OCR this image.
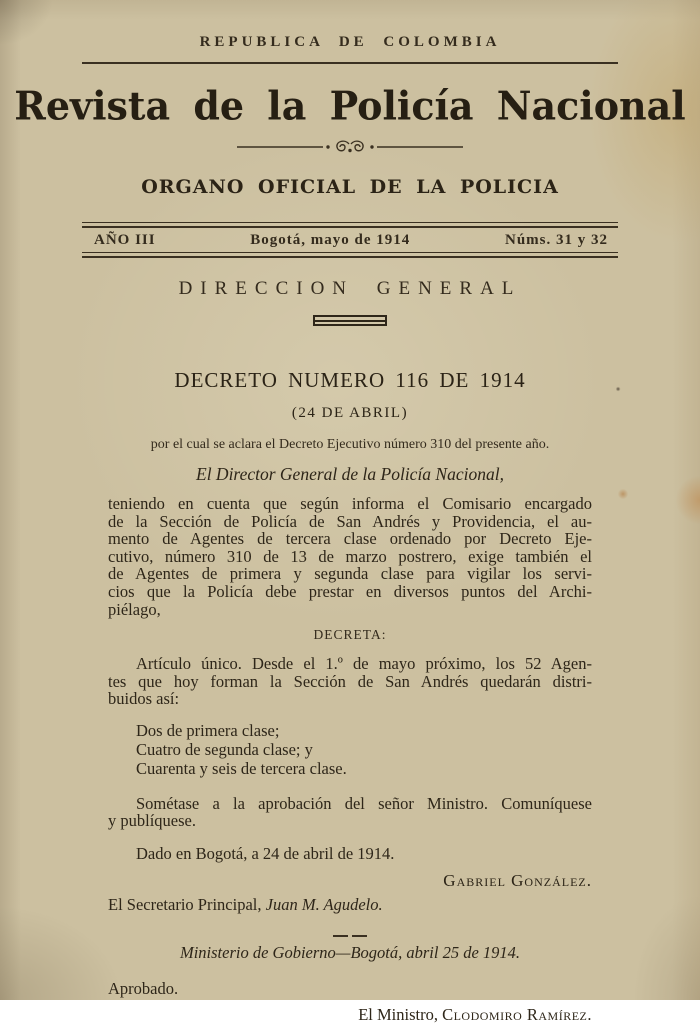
REPUBLICA DE COLOMBIA
Revista de la Policía Nacional
ORGANO OFICIAL DE LA POLICIA
AÑO III	Bogotá, mayo de 1914	Núms. 31 y 32
DIRECCION GENERAL
DECRETO NUMERO 116 DE 1914
(24 DE ABRIL)
por el cual se aclara el Decreto Ejecutivo número 310 del presente año.
El Director General de la Policía Nacional,
teniendo en cuenta que según informa el Comisario encargado
de la Sección de Policía de San Andrés y Providencia, el au-
mento de Agentes de tercera clase ordenado por Decreto Eje-
cutivo, número 310 de 13 de marzo postrero, exige también el
de Agentes de primera y segunda clase para vigilar los servi-
cios que la Policía debe prestar en diversos puntos del Archi-
piélago,
DECRETA:
Artículo único. Desde el 1.º de mayo próximo, los 52 Agen-
tes que hoy forman la Sección de San Andrés quedarán distri-
buidos así:
Dos de primera clase;
Cuatro de segunda clase; y
Cuarenta y seis de tercera clase.
Sométase a la aprobación del señor Ministro. Comuníquese
y publíquese.
Dado en Bogotá, a 24 de abril de 1914.
Gabriel González.
El Secretario Principal, Juan M. Agudelo.
Ministerio de Gobierno—Bogotá, abril 25 de 1914.
Aprobado.
El Ministro, Clodomiro Ramírez.
